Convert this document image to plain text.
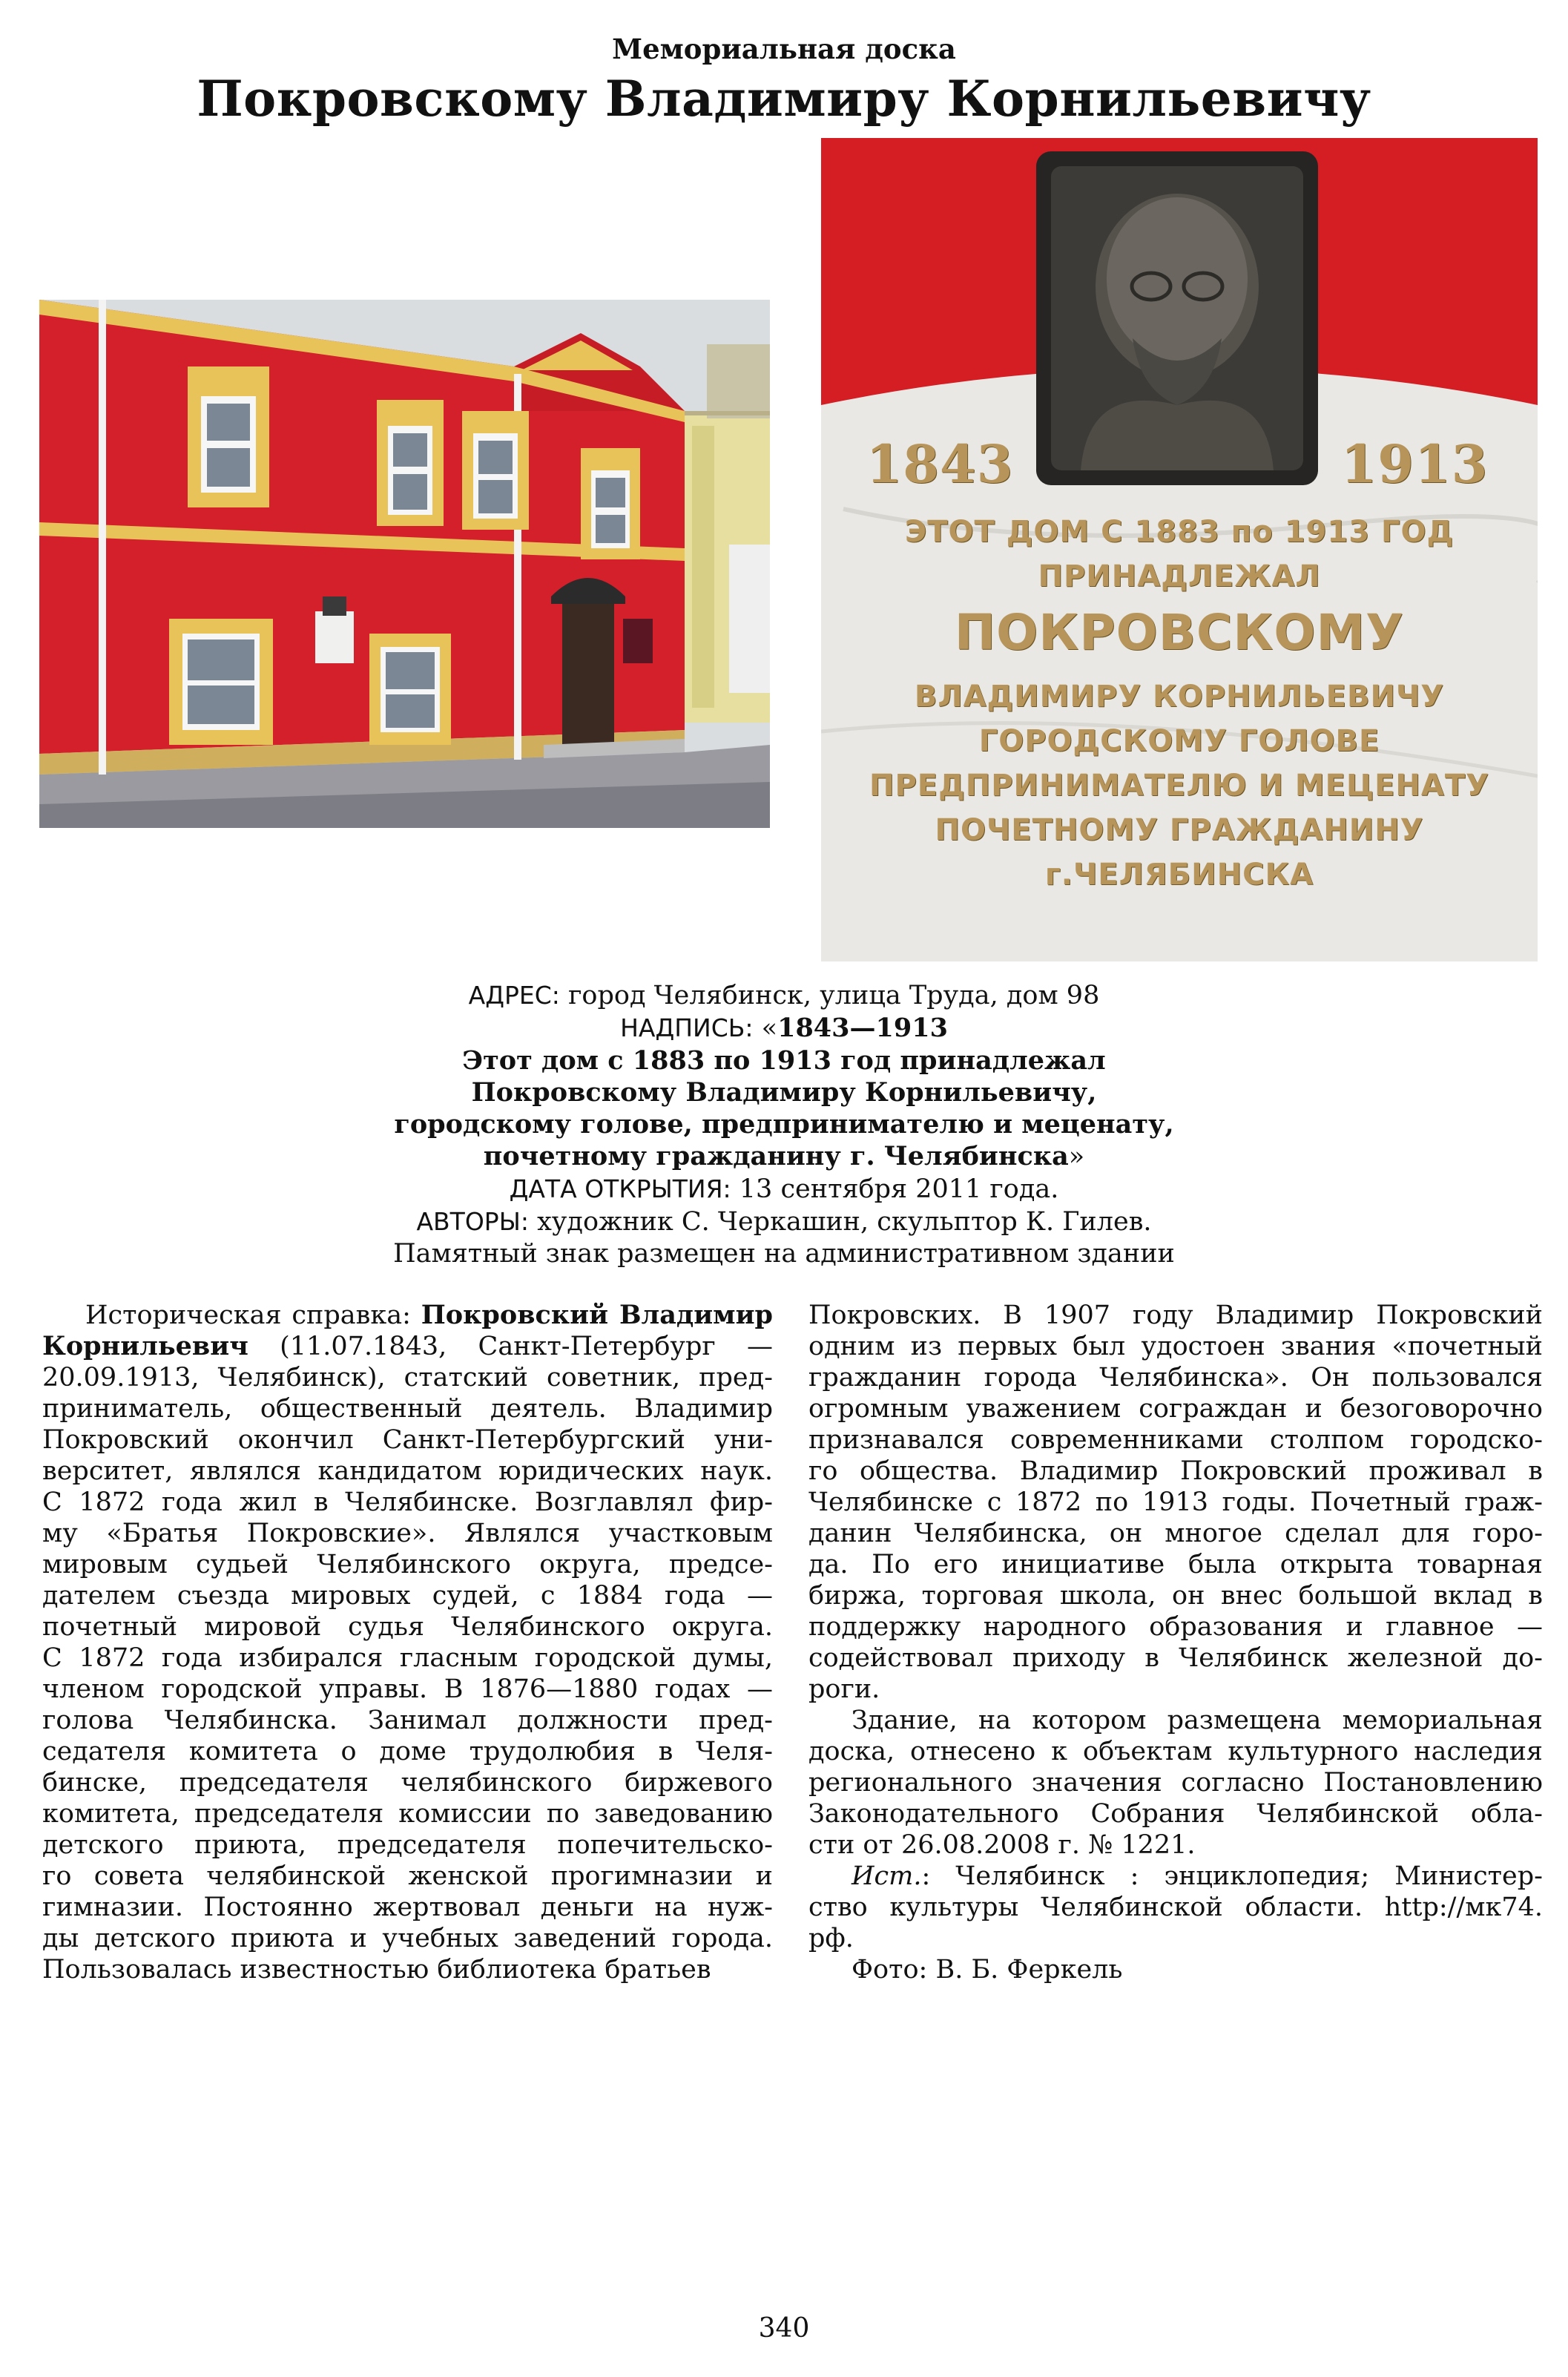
Мемориальная доска
Покровскому Владимиру Корнильевичу
1843	1913
ЭТОТ ДОМ С 1883 по 1913 ГОД
ПРИНАДЛЕЖАЛ
ПОКРОВСКОМУ
ВЛАДИМИРУ КОРНИЛЬЕВИЧУ
ГОРОДСКОМУ ГОЛОВЕ
ПРЕДПРИНИМАТЕЛЮ И МЕЦЕНАТУ
ПОЧЕТНОМУ ГРАЖДАНИНУ
г.ЧЕЛЯБИНСКА
АДРЕС: город Челябинск, улица Труда, дом 98
НАДПИСЬ: «1843—1913
Этот дом с 1883 по 1913 год принадлежал
Покровскому Владимиру Корнильевичу,
городскому голове, предпринимателю и меценату,
почетному гражданину г. Челябинска»
ДАТА ОТКРЫТИЯ: 13 сентября 2011 года.
АВТОРЫ: художник С. Черкашин, скульптор К. Гилев.
Памятный знак размещен на административном здании
Историческая справка: Покровский Владимир
Корнильевич (11.07.1843, Санкт-Петербург —
20.09.1913, Челябинск), статский советник, пред-
приниматель, общественный деятель. Владимир
Покровский окончил Санкт-Петербургский уни-
верситет, являлся кандидатом юридических наук.
С 1872 года жил в Челябинске. Возглавлял фир-
му «Братья Покровские». Являлся участковым
мировым судьей Челябинского округа, предсе-
дателем съезда мировых судей, с 1884 года —
почетный мировой судья Челябинского округа.
С 1872 года избирался гласным городской думы,
членом городской управы. В 1876—1880 годах —
голова Челябинска. Занимал должности пред-
седателя комитета о доме трудолюбия в Челя-
бинске, председателя челябинского биржевого
комитета, председателя комиссии по заведованию
детского приюта, председателя попечительско-
го совета челябинской женской прогимназии и
гимназии. Постоянно жертвовал деньги на нуж-
ды детского приюта и учебных заведений города.
Пользовалась известностью библиотека братьев
Покровских. В 1907 году Владимир Покровский
одним из первых был удостоен звания «почетный
гражданин города Челябинска». Он пользовался
огромным уважением сограждан и безоговорочно
признавался современниками столпом городско-
го общества. Владимир Покровский проживал в
Челябинске с 1872 по 1913 годы. Почетный граж-
данин Челябинска, он многое сделал для горо-
да. По его инициативе была открыта товарная
биржа, торговая школа, он внес большой вклад в
поддержку народного образования и главное —
содействовал приходу в Челябинск железной до-
роги.
Здание, на котором размещена мемориальная
доска, отнесено к объектам культурного наследия
регионального значения согласно Постановлению
Законодательного Собрания Челябинской обла-
сти от 26.08.2008 г. № 1221.
Ист.: Челябинск : энциклопедия; Министер-
ство культуры Челябинской области. http://мк74.
рф.
Фото: В. Б. Феркель
340
